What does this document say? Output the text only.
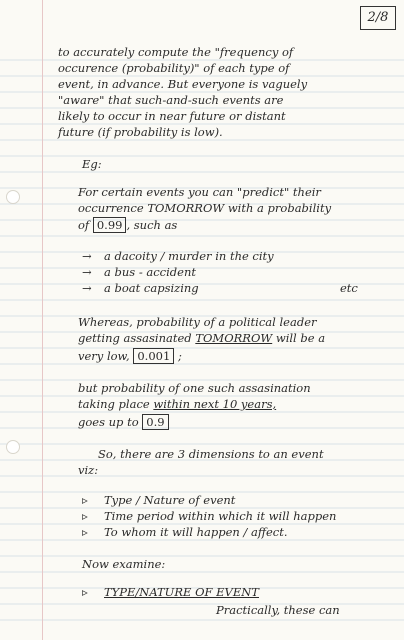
2/8
to accurately compute the "frequency of
occurence (probability)" of each type of
event, in advance. But everyone is vaguely
"aware" that such-and-such events are
likely to occur in near future or distant
future (if probability is low).
Eg:
For certain events you can "predict" their
occurrence TOMORROW with a probability
of 0.99 , such as
→ a dacoity / murder in the city
→ a bus - accident
→ a boat capsizing	etc
Whereas, probability of a political leader
getting assasinated TOMORROW will be a
very low, 0.001 ;
but probability of one such assasination
taking place within next 10 years,
goes up to 0.9
So, there are 3 dimensions to an event
viz:
▹ Type / Nature of event
▹ Time period within which it will happen
▹ To whom it will happen / affect.
Now examine:
▹ TYPE/NATURE OF EVENT
Practically, these can
